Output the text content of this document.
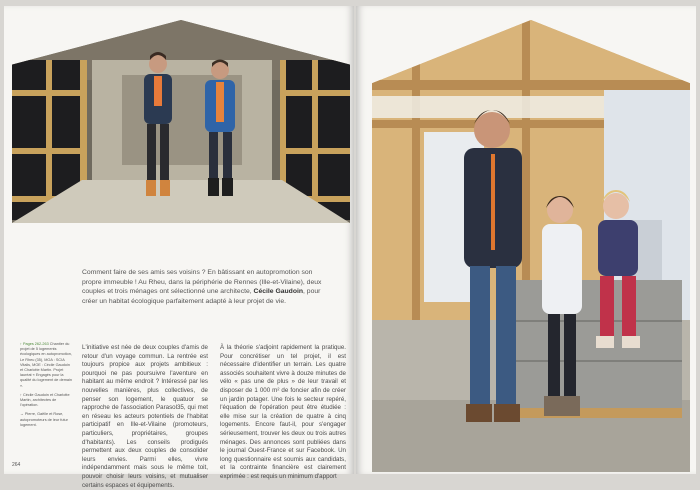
Comment faire de ses amis ses voisins ? En bâtissant en autopromotion son propre immeuble ! Au Rheu, dans la périphérie de Rennes (Ille-et-Vilaine), deux couples et trois ménages ont sélectionné une architecte, Cécile Gaudoin, pour créer un habitat écologique parfaitement adapté à leur projet de vie.

↑ Pages 262-263 Chantier du projet de 5 logements écologiques en autopromotion, Le Rheu (35), MOA : SCIA Vitalis, MOE : Cécile Gaudoin et Charlotte Martin. Projet lauréat « Engagés pour la qualité du logement de demain ».

↑ Cécile Gaudoin et Charlotte Martin, architectes de l'opération.

→ Pierre, Gaëlle et Rose, autopromoteurs de leur futur logement.

L'initiative est née de deux couples d'amis de retour d'un voyage commun. La rentrée est toujours propice aux projets ambitieux : pourquoi ne pas poursuivre l'aventure en habitant au même endroit ? Intéressé par les nouvelles manières, plus collectives, de penser son logement, le quatuor se rapproche de l'association Parasol35, qui met en réseau les acteurs potentiels de l'habitat participatif en Ille-et-Vilaine (promoteurs, particuliers, propriétaires, groupes d'habitants). Les conseils prodigués permettent aux deux couples de consolider leurs envies. Parmi elles, vivre indépendamment mais sous le même toit, pouvoir choisir leurs voisins, et mutualiser certains espaces et équipements.

À la théorie s'adjoint rapidement la pratique. Pour concrétiser un tel projet, il est nécessaire d'identifier un terrain. Les quatre associés souhaitent vivre à douze minutes de vélo « pas une de plus » de leur travail et disposer de 1 000 m² de foncier afin de créer un jardin potager. Une fois le secteur repéré, l'équation de l'opération peut être étudiée : elle mise sur la création de quatre à cinq logements. Encore faut-il, pour s'engager sérieusement, trouver les deux ou trois autres ménages. Des annonces sont publiées dans le journal Ouest-France et sur Facebook. Un long questionnaire est soumis aux candidats, et la contrainte financière est clairement exprimée : est requis un minimum d'apport

264
